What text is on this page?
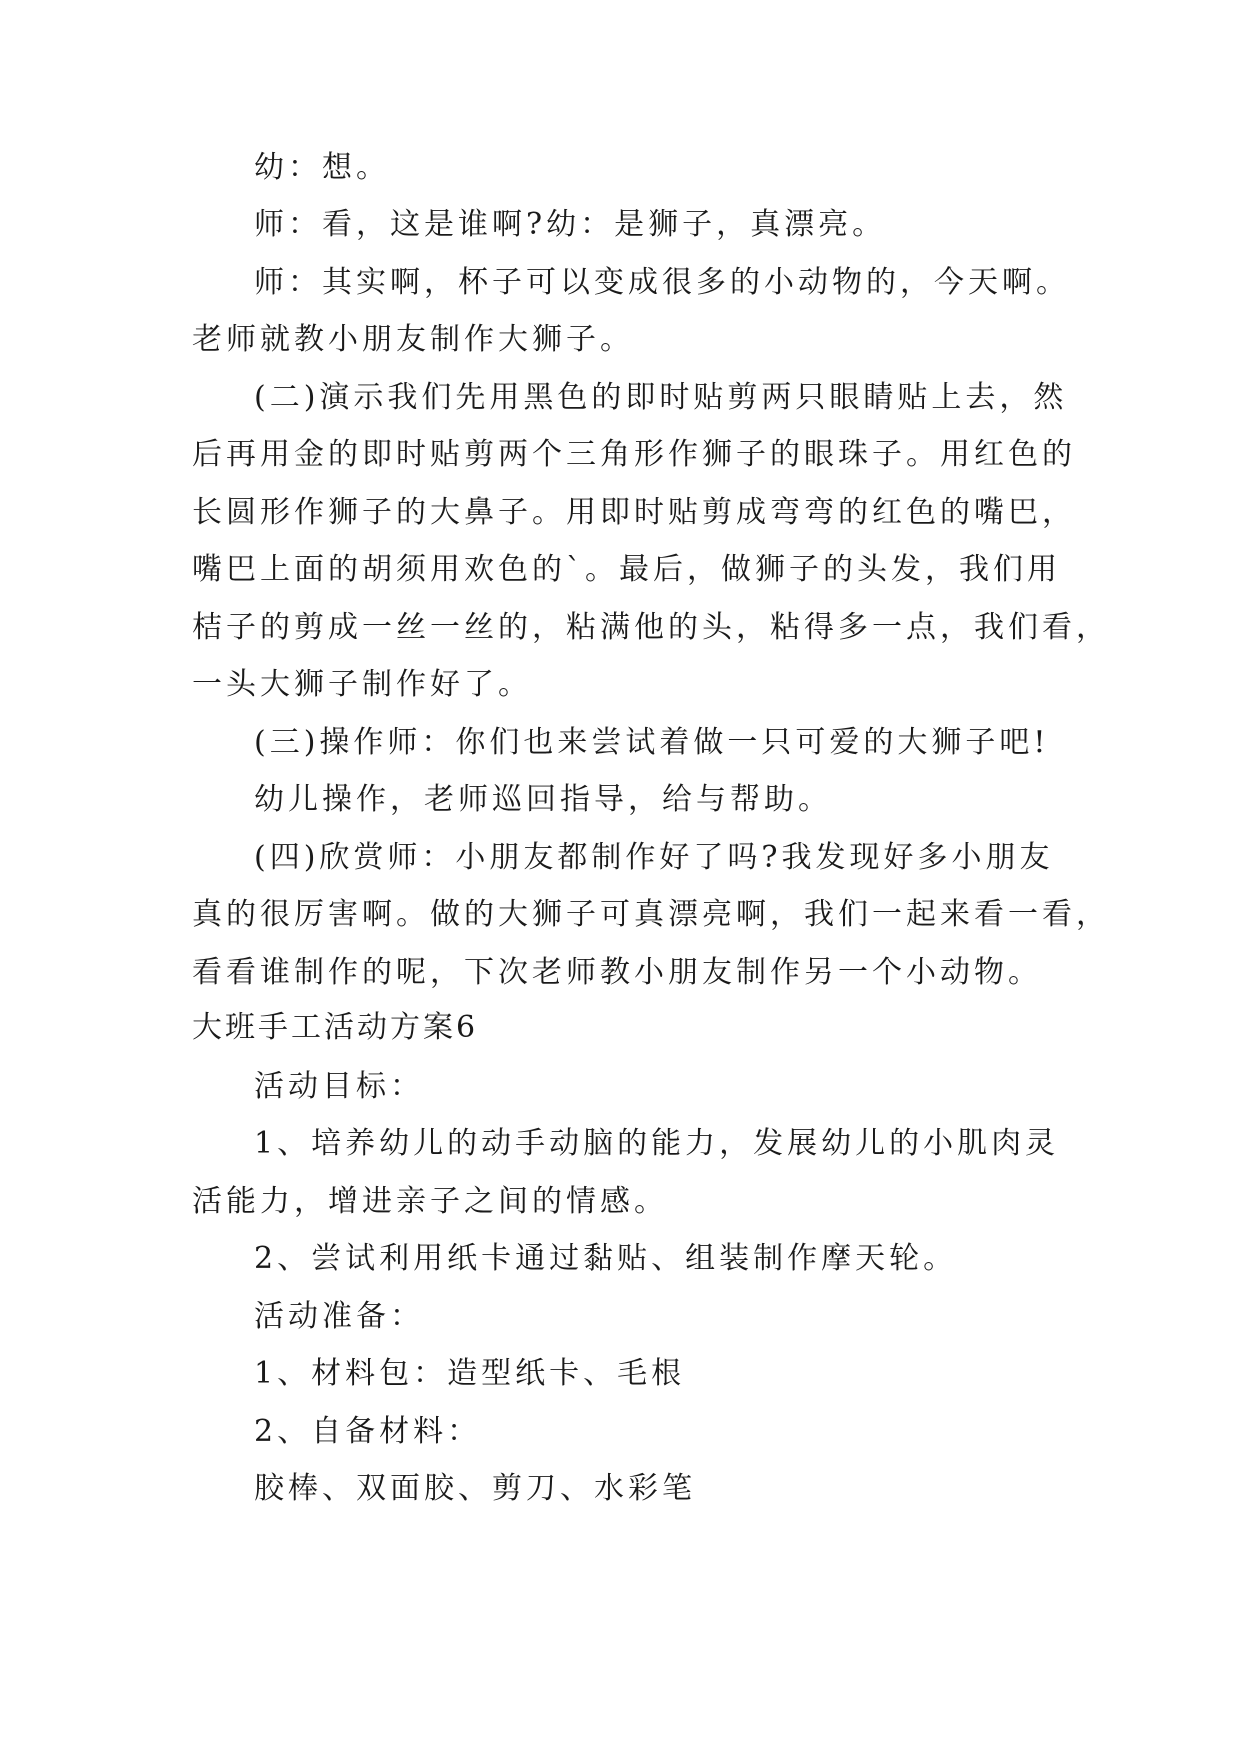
幼：想。
师：看，这是谁啊?幼：是狮子，真漂亮。
师：其实啊，杯子可以变成很多的小动物的，今天啊。
老师就教小朋友制作大狮子。
(二)演示我们先用黑色的即时贴剪两只眼睛贴上去，然
后再用金的即时贴剪两个三角形作狮子的眼珠子。用红色的
长圆形作狮子的大鼻子。用即时贴剪成弯弯的红色的嘴巴，
嘴巴上面的胡须用欢色的`。最后，做狮子的头发，我们用
桔子的剪成一丝一丝的，粘满他的头，粘得多一点，我们看，
一头大狮子制作好了。
(三)操作师：你们也来尝试着做一只可爱的大狮子吧!
幼儿操作，老师巡回指导，给与帮助。
(四)欣赏师：小朋友都制作好了吗?我发现好多小朋友
真的很厉害啊。做的大狮子可真漂亮啊，我们一起来看一看，
看看谁制作的呢，下次老师教小朋友制作另一个小动物。
大班手工活动方案6
活动目标：
1、培养幼儿的动手动脑的能力，发展幼儿的小肌肉灵
活能力，增进亲子之间的情感。
2、尝试利用纸卡通过黏贴、组装制作摩天轮。
活动准备：
1、材料包：造型纸卡、毛根
2、自备材料：
胶棒、双面胶、剪刀、水彩笔
